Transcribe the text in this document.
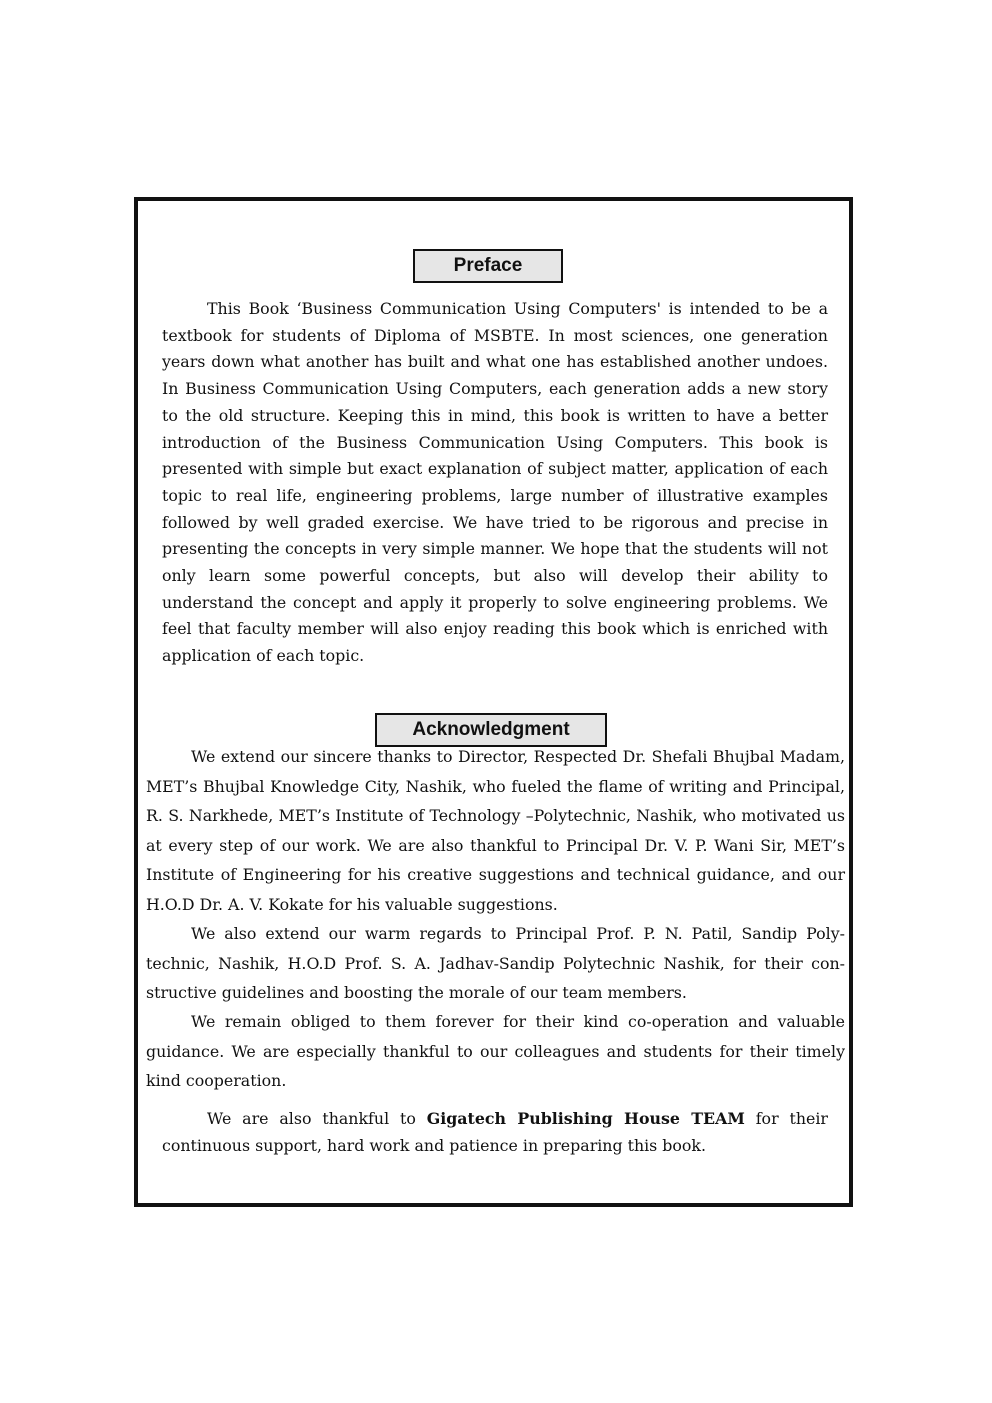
Preface

This Book ‘Business Communication Using Computers' is intended to be a textbook for students of Diploma of MSBTE. In most sciences, one generation years down what another has built and what one has established another undoes. In Business Communication Using Computers, each generation adds a new story to the old structure. Keeping this in mind, this book is written to have a better introduction of the Business Communication Using Computers. This book is presented with simple but exact explanation of subject matter, application of each topic to real life, engineering problems, large number of illustrative examples followed by well graded exercise. We have tried to be rigorous and precise in presenting the concepts in very simple manner. We hope that the students will not only learn some powerful concepts, but also will develop their ability to understand the concept and apply it properly to solve engineering problems. We feel that faculty member will also enjoy reading this book which is enriched with application of each topic.

Acknowledgment

We extend our sincere thanks to Director, Respected Dr. Shefali Bhujbal Madam, MET’s Bhujbal Knowledge City, Nashik, who fueled the flame of writing and Principal, R. S. Narkhede, MET’s Institute of Technology –Polytechnic, Nashik, who motivated us at every step of our work. We are also thankful to Principal Dr. V. P. Wani Sir, MET’s Institute of Engineering for his creative suggestions and technical guidance, and our H.O.D Dr. A. V. Kokate for his valuable suggestions.

We also extend our warm regards to Principal Prof. P. N. Patil, Sandip Poly-technic, Nashik, H.O.D Prof. S. A. Jadhav-Sandip Polytechnic Nashik, for their con-structive guidelines and boosting the morale of our team members.

We remain obliged to them forever for their kind co-operation and valuable guidance. We are especially thankful to our colleagues and students for their timely kind cooperation.

We are also thankful to Gigatech Publishing House TEAM for their continuous support, hard work and patience in preparing this book.
